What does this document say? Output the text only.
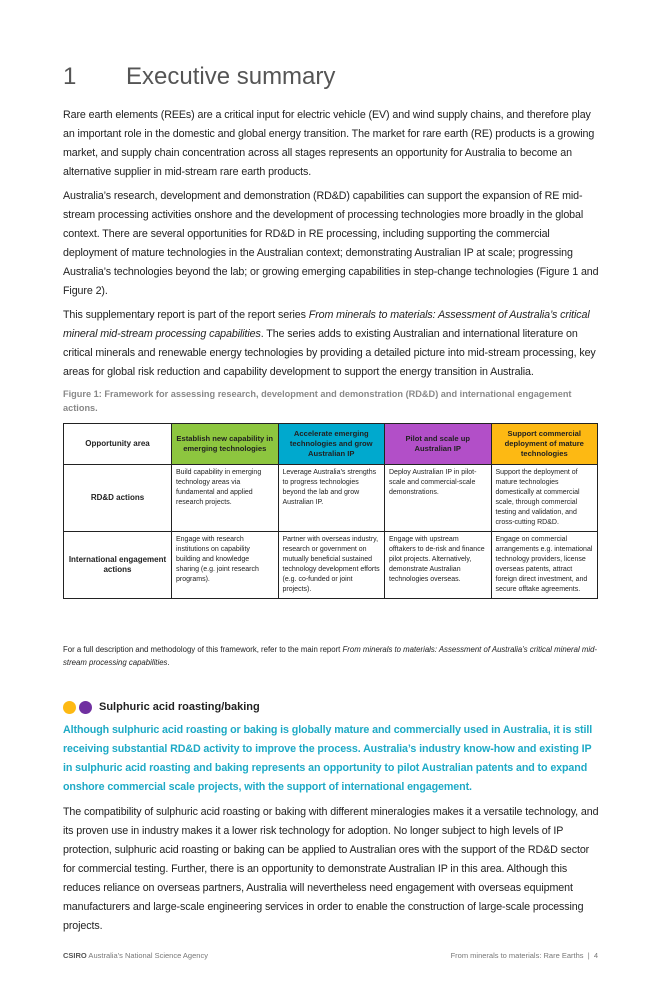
1 Executive summary

Rare earth elements (REEs) are a critical input for electric vehicle (EV) and wind supply chains, and therefore play an important role in the domestic and global energy transition. The market for rare earth (RE) products is a growing market, and supply chain concentration across all stages represents an opportunity for Australia to become an alternative supplier in mid-stream rare earth products.

Australia’s research, development and demonstration (RD&D) capabilities can support the expansion of RE mid-stream processing activities onshore and the development of processing technologies more broadly in the global context. There are several opportunities for RD&D in RE processing, including supporting the commercial deployment of mature technologies in the Australian context; demonstrating Australian IP at scale; progressing Australia’s technologies beyond the lab; or growing emerging capabilities in step-change technologies (Figure 1 and Figure 2).

This supplementary report is part of the report series From minerals to materials: Assessment of Australia’s critical mineral mid-stream processing capabilities. The series adds to existing Australian and international literature on critical minerals and renewable energy technologies by providing a detailed picture into mid-stream processing, key areas for global risk reduction and capability development to support the energy transition in Australia.

Figure 1: Framework for assessing research, development and demonstration (RD&D) and international engagement actions.

Opportunity area	Establish new capability in emerging technologies	Accelerate emerging technologies and grow Australian IP	Pilot and scale up Australian IP	Support commercial deployment of mature technologies
RD&D actions	Build capability in emerging technology areas via fundamental and applied research projects.	Leverage Australia’s strengths to progress technologies beyond the lab and grow Australian IP.	Deploy Australian IP in pilot-scale and commercial-scale demonstrations.	Support the deployment of mature technologies domestically at commercial scale, through commercial testing and validation, and cross-cutting RD&D.
International engagement actions	Engage with research institutions on capability building and knowledge sharing (e.g. joint research programs).	Partner with overseas industry, research or government on mutually beneficial sustained technology development efforts (e.g. co-funded or joint projects).	Engage with upstream offtakers to de-risk and finance pilot projects. Alternatively, demonstrate Australian technologies overseas.	Engage on commercial arrangements e.g. international technology providers, license overseas patents, attract foreign direct investment, and secure offtake agreements.

For a full description and methodology of this framework, refer to the main report From minerals to materials: Assessment of Australia’s critical mineral mid-stream processing capabilities.

Sulphuric acid roasting/baking

Although sulphuric acid roasting or baking is globally mature and commercially used in Australia, it is still receiving substantial RD&D activity to improve the process. Australia’s industry know-how and existing IP in sulphuric acid roasting and baking represents an opportunity to pilot Australian patents and to expand onshore commercial scale projects, with the support of international engagement.

The compatibility of sulphuric acid roasting or baking with different mineralogies makes it a versatile technology, and its proven use in industry makes it a lower risk technology for adoption. No longer subject to high levels of IP protection, sulphuric acid roasting or baking can be applied to Australian ores with the support of the RD&D sector for commercial testing. Further, there is an opportunity to demonstrate Australian IP in this area. Although this reduces reliance on overseas partners, Australia will nevertheless need engagement with overseas equipment manufacturers and large-scale engineering services in order to enable the construction of large-scale processing projects.

CSIRO Australia’s National Science Agency	From minerals to materials: Rare Earths  |  4
